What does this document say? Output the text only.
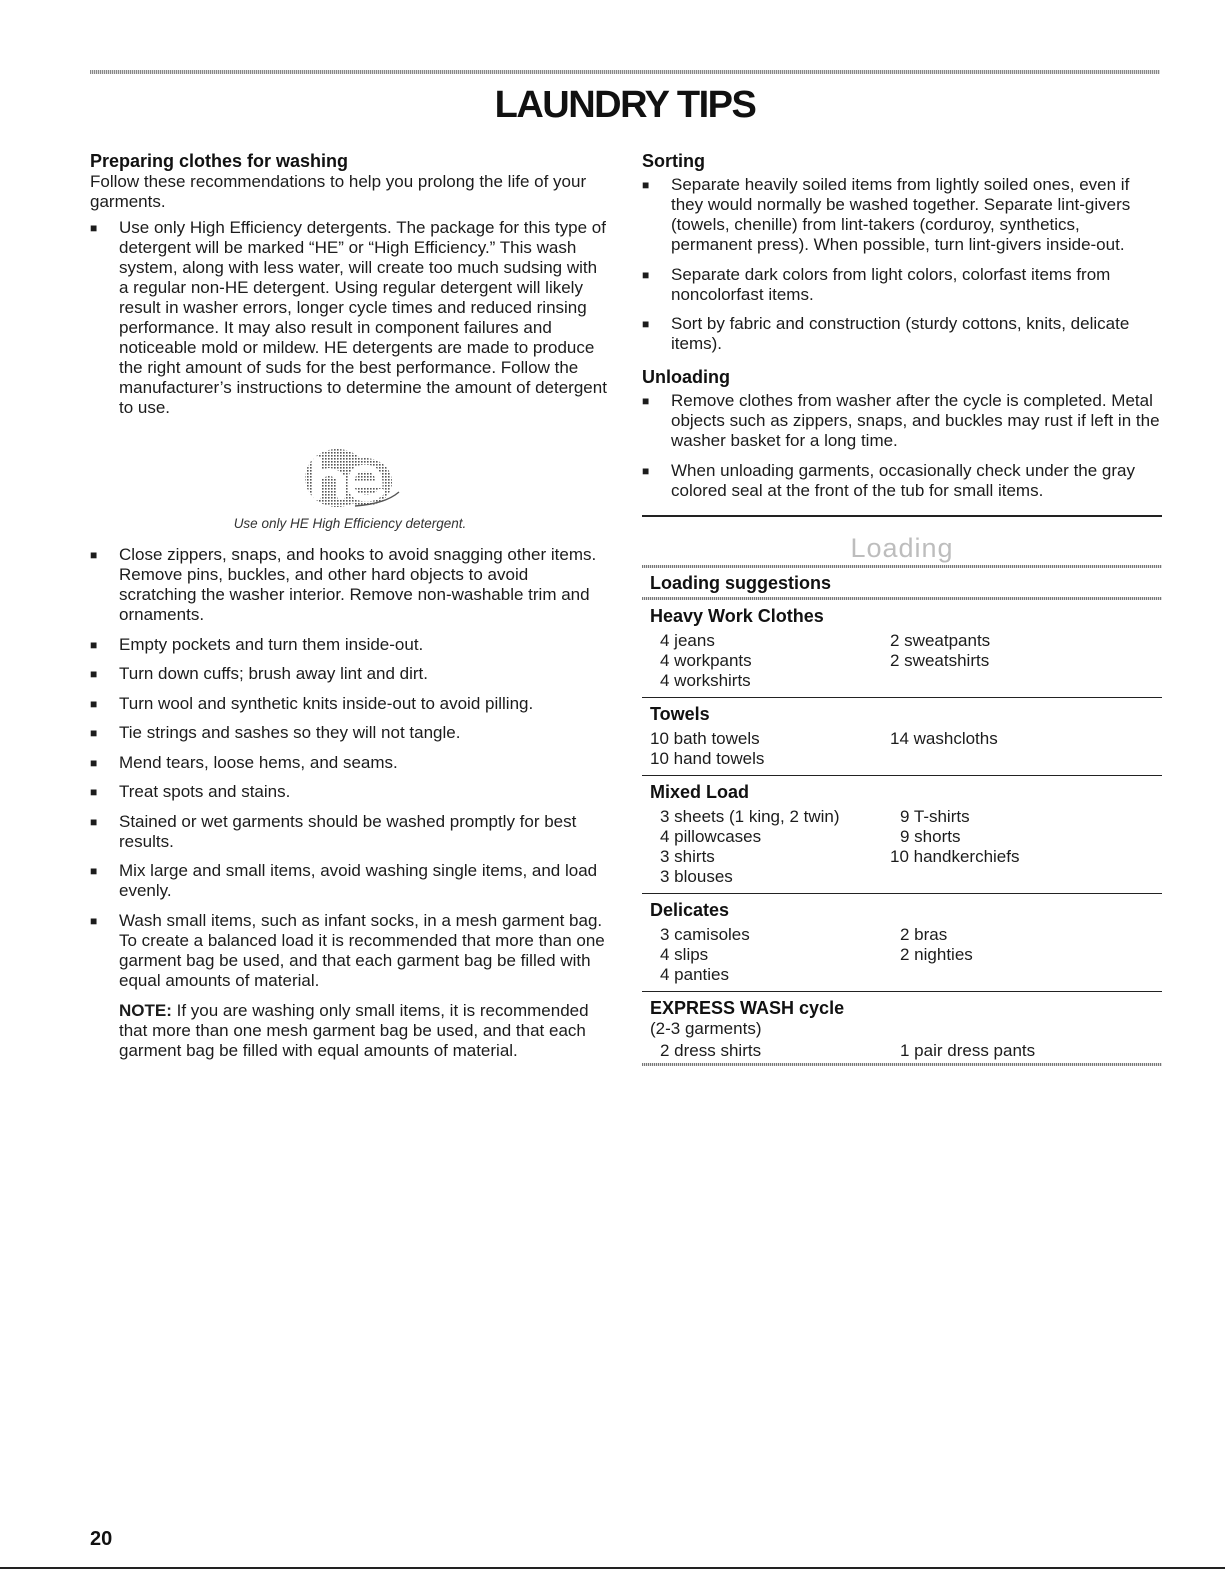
LAUNDRY TIPS
Preparing clothes for washing

Follow these recommendations to help you prolong the life of your garments.

■ Use only High Efficiency detergents. The package for this type of detergent will be marked “HE” or “High Efficiency.” This wash system, along with less water, will create too much sudsing with a regular non-HE detergent. Using regular detergent will likely result in washer errors, longer cycle times and reduced rinsing performance. It may also result in component failures and noticeable mold or mildew. HE detergents are made to produce the right amount of suds for the best performance. Follow the manufacturer’s instructions to determine the amount of detergent to use.
Use only HE High Efficiency detergent.
■ Close zippers, snaps, and hooks to avoid snagging other items. Remove pins, buckles, and other hard objects to avoid scratching the washer interior. Remove non-washable trim and ornaments.
■ Empty pockets and turn them inside-out.
■ Turn down cuffs; brush away lint and dirt.
■ Turn wool and synthetic knits inside-out to avoid pilling.
■ Tie strings and sashes so they will not tangle.
■ Mend tears, loose hems, and seams.
■ Treat spots and stains.
■ Stained or wet garments should be washed promptly for best results.
■ Mix large and small items, avoid washing single items, and load evenly.
■ Wash small items, such as infant socks, in a mesh garment bag. To create a balanced load it is recommended that more than one garment bag be used, and that each garment bag be filled with equal amounts of material.

NOTE: If you are washing only small items, it is recommended that more than one mesh garment bag be used, and that each garment bag be filled with equal amounts of material.

Sorting
■ Separate heavily soiled items from lightly soiled ones, even if they would normally be washed together. Separate lint-givers (towels, chenille) from lint-takers (corduroy, synthetics, permanent press). When possible, turn lint-givers inside-out.
■ Separate dark colors from light colors, colorfast items from noncolorfast items.
■ Sort by fabric and construction (sturdy cottons, knits, delicate items).
Unloading
■ Remove clothes from washer after the cycle is completed. Metal objects such as zippers, snaps, and buckles may rust if left in the washer basket for a long time.
■ When unloading garments, occasionally check under the gray colored seal at the front of the tub for small items.
Loading
Loading suggestions
Heavy Work Clothes
4 jeans	2 sweatpants
4 workpants	2 sweatshirts
4 workshirts
Towels
10 bath towels	14 washcloths
10 hand towels
Mixed Load
3 sheets (1 king, 2 twin)	9 T-shirts
4 pillowcases	9 shorts
3 shirts	10 handkerchiefs
3 blouses
Delicates
3 camisoles	2 bras
4 slips	2 nighties
4 panties
EXPRESS WASH cycle

(2-3 garments)

2 dress shirts	1 pair dress pants
20
